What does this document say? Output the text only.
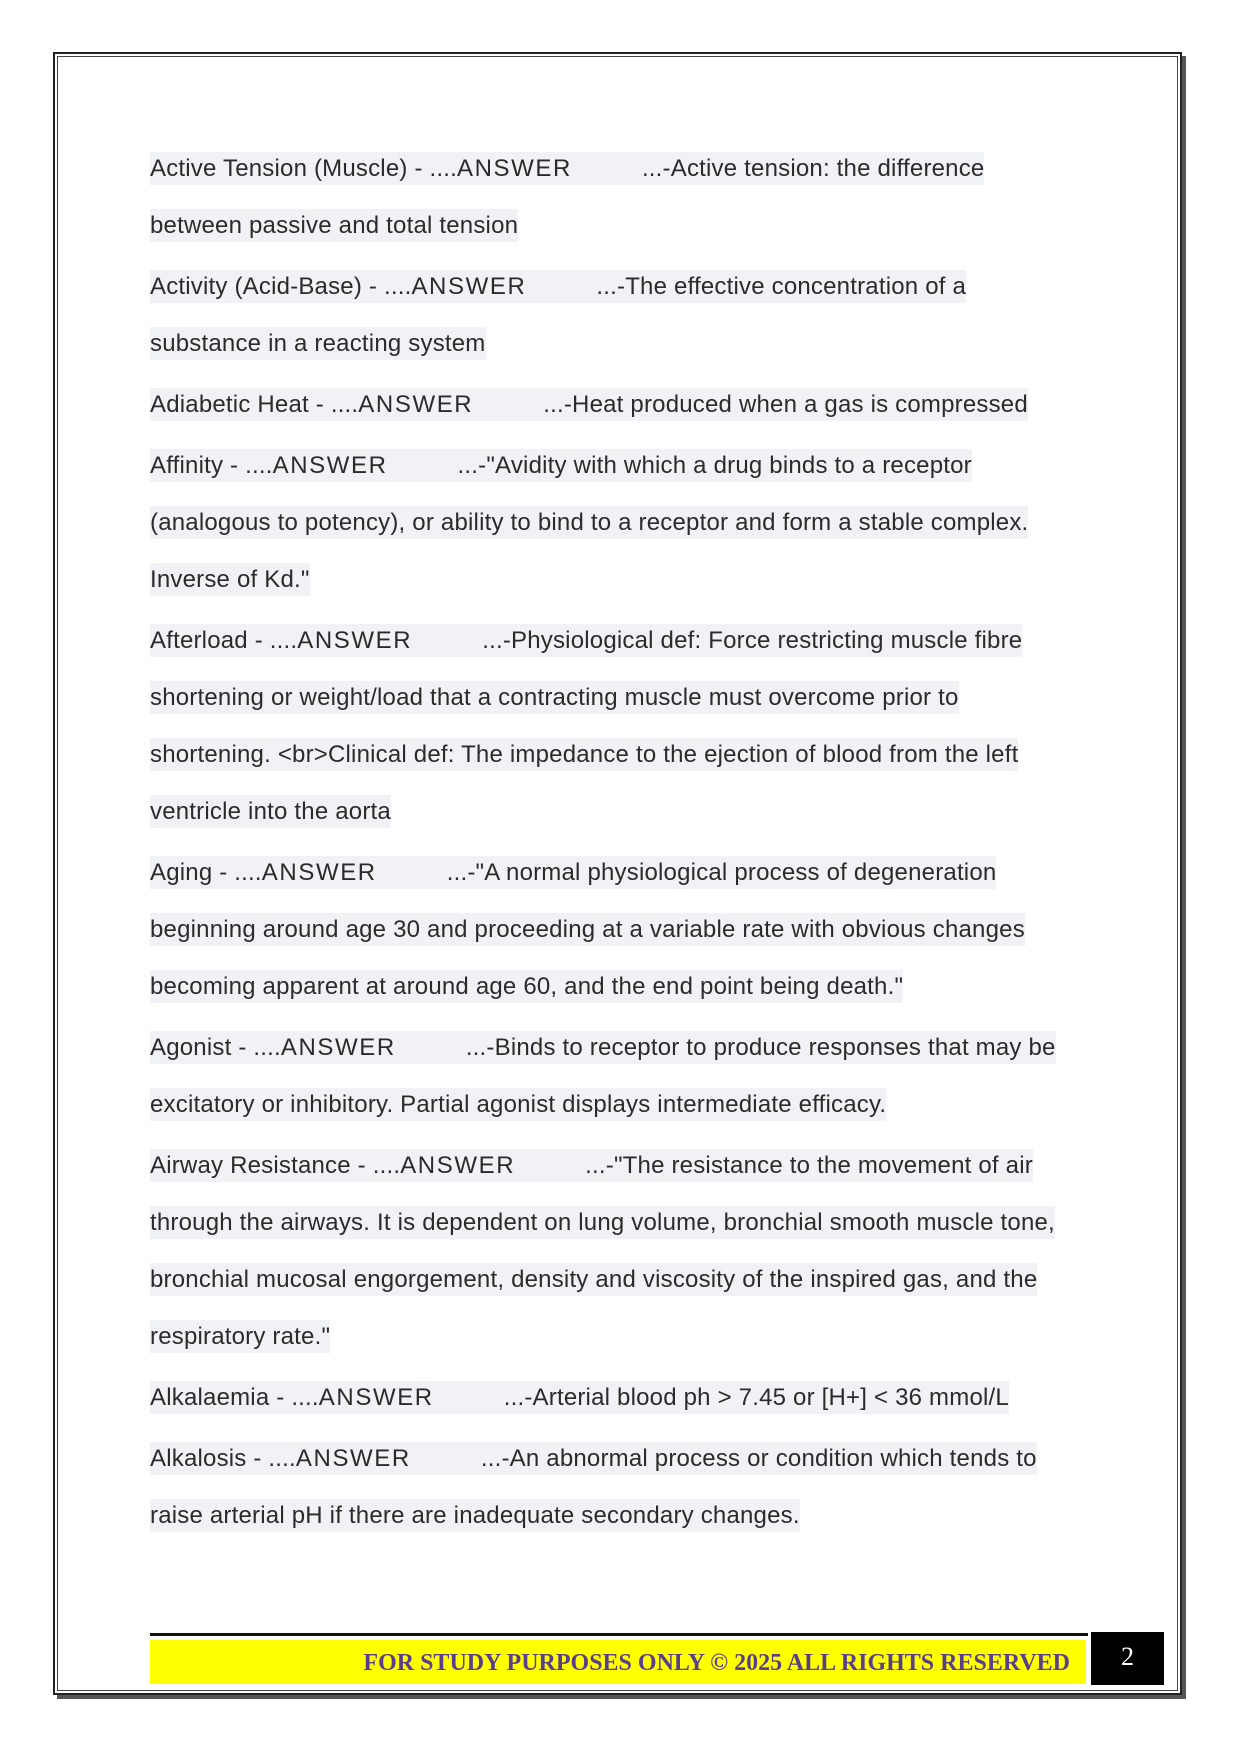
Active Tension (Muscle) - ....ANSWER	...-Active tension: the difference
between passive and total tension
Activity (Acid-Base) - ....ANSWER	...-The effective concentration of a
substance in a reacting system
Adiabetic Heat - ....ANSWER	...-Heat produced when a gas is compressed
Affinity - ....ANSWER	...-"Avidity with which a drug binds to a receptor
(analogous to potency), or ability to bind to a receptor and form a stable complex.
Inverse of Kd."
Afterload - ....ANSWER	...-Physiological def: Force restricting muscle fibre
shortening or weight/load that a contracting muscle must overcome prior to
shortening. <br>Clinical def: The impedance to the ejection of blood from the left
ventricle into the aorta
Aging - ....ANSWER	...-"A normal physiological process of degeneration
beginning around age 30 and proceeding at a variable rate with obvious changes
becoming apparent at around age 60, and the end point being death."
Agonist - ....ANSWER	...-Binds to receptor to produce responses that may be
excitatory or inhibitory. Partial agonist displays intermediate efficacy.
Airway Resistance - ....ANSWER	...-"The resistance to the movement of air
through the airways. It is dependent on lung volume, bronchial smooth muscle tone,
bronchial mucosal engorgement, density and viscosity of the inspired gas, and the
respiratory rate."
Alkalaemia - ....ANSWER	...-Arterial blood ph > 7.45 or [H+] < 36 mmol/L
Alkalosis - ....ANSWER	...-An abnormal process or condition which tends to
raise arterial pH if there are inadequate secondary changes.
FOR STUDY PURPOSES ONLY © 2025 ALL RIGHTS RESERVED	2
